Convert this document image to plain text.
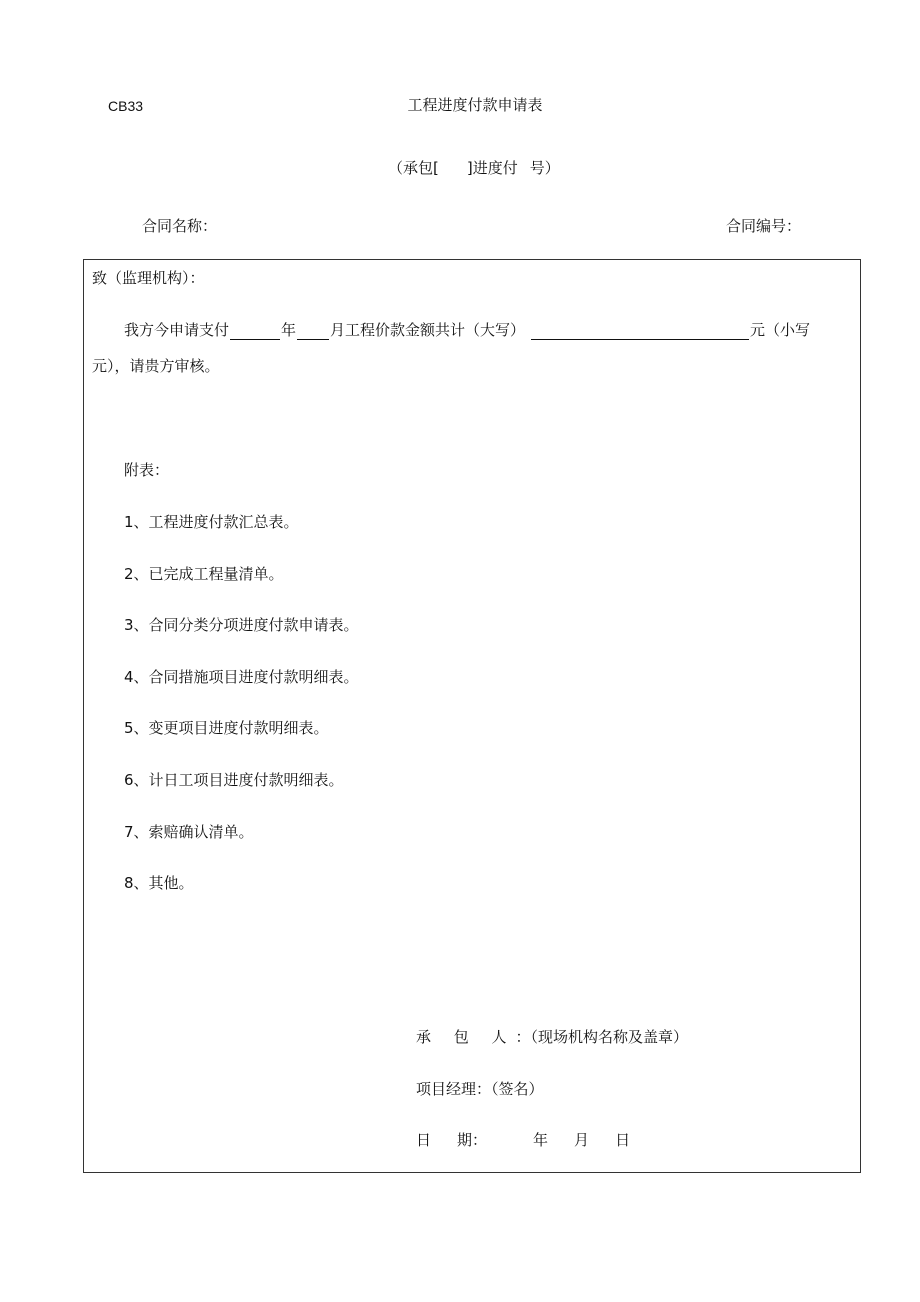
CB33	工程进度付款申请表
（承包[ ]进度付 号）
合同名称：	合同编号：
致（监理机构）：
我方今申请支付	年 月工程价款金额共计（大写）	元（小写
元），请贵方审核。
附表：
1、工程进度付款汇总表。
2、已完成工程量清单。
3、合同分类分项进度付款申请表。
4、合同措施项目进度付款明细表。
5、变更项目进度付款明细表。
6、计日工项目进度付款明细表。
7、索赔确认清单。
8、其他。
承 包 人：（现场机构名称及盖章）
项目经理：（签名）
日 期：	年 月 日
